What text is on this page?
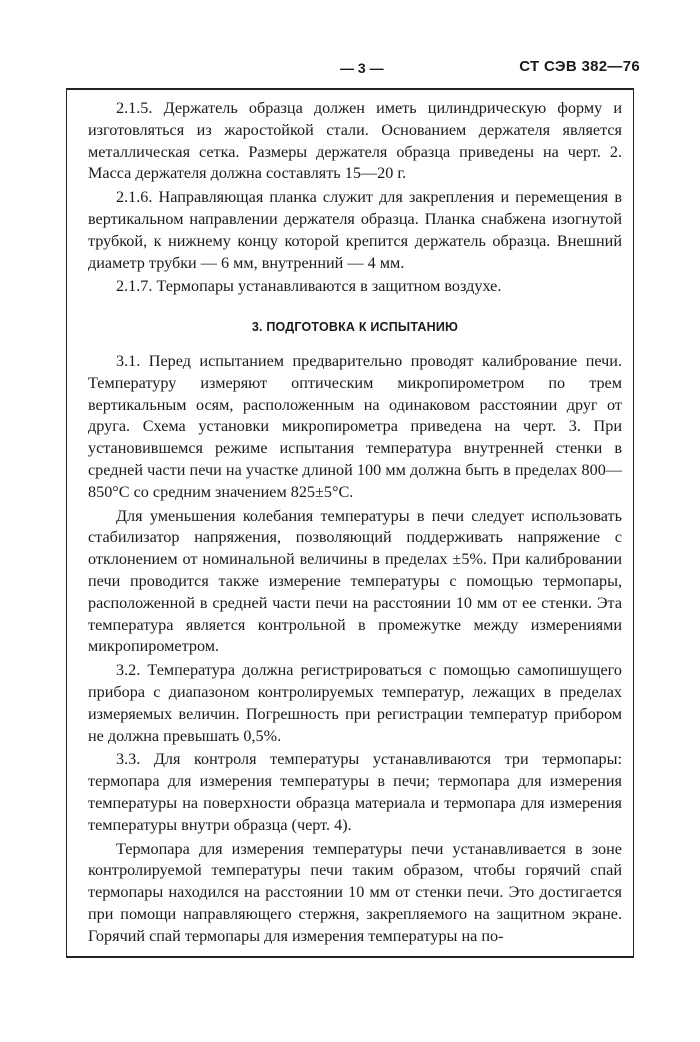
— 3 —	СТ СЭВ 382—76

2.1.5. Держатель образца должен иметь цилиндрическую форму и изготовляться из жаростойкой стали. Основанием держателя является металлическая сетка. Размеры держателя образца приведены на черт. 2. Масса держателя должна составлять 15—20 г.

2.1.6. Направляющая планка служит для закрепления и перемещения в вертикальном направлении держателя образца. Планка снабжена изогнутой трубкой, к нижнему концу которой крепится держатель образца. Внешний диаметр трубки — 6 мм, внутренний — 4 мм.

2.1.7. Термопары устанавливаются в защитном воздухе.

3. ПОДГОТОВКА К ИСПЫТАНИЮ

3.1. Перед испытанием предварительно проводят калибрование печи. Температуру измеряют оптическим микропирометром по трем вертикальным осям, расположенным на одинаковом расстоянии друг от друга. Схема установки микропирометра приведена на черт. 3. При установившемся режиме испытания температура внутренней стенки в средней части печи на участке длиной 100 мм должна быть в пределах 800—850°С со средним значением 825±5°С.

Для уменьшения колебания температуры в печи следует использовать стабилизатор напряжения, позволяющий поддерживать напряжение с отклонением от номинальной величины в пределах ±5%. При калибровании печи проводится также измерение температуры с помощью термопары, расположенной в средней части печи на расстоянии 10 мм от ее стенки. Эта температура является контрольной в промежутке между измерениями микропирометром.

3.2. Температура должна регистрироваться с помощью самопишущего прибора с диапазоном контролируемых температур, лежащих в пределах измеряемых величин. Погрешность при регистрации температур прибором не должна превышать 0,5%.

3.3. Для контроля температуры устанавливаются три термопары: термопара для измерения температуры в печи; термопара для измерения температуры на поверхности образца материала и термопара для измерения температуры внутри образца (черт. 4).

Термопара для измерения температуры печи устанавливается в зоне контролируемой температуры печи таким образом, чтобы горячий спай термопары находился на расстоянии 10 мм от стенки печи. Это достигается при помощи направляющего стержня, закрепляемого на защитном экране. Горячий спай термопары для измерения температуры на по-
